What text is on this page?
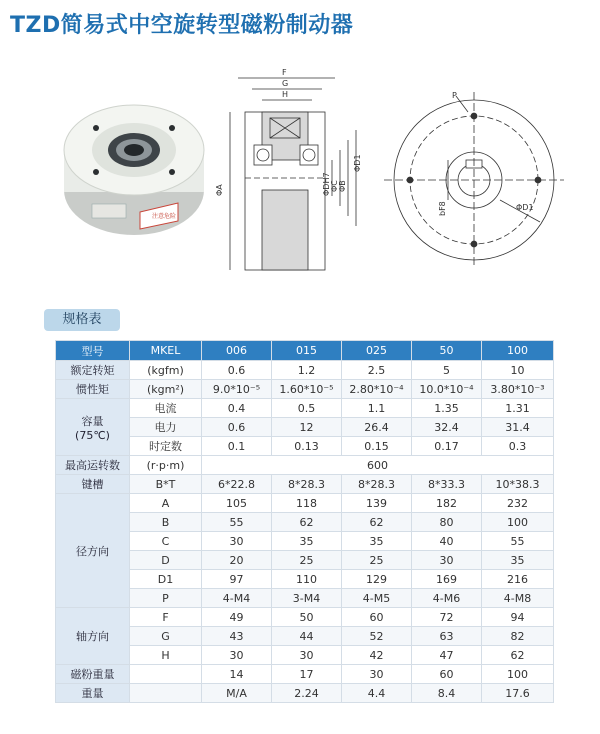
TZD简易式中空旋转型磁粉制动器
注意危险
F
G
H
ΦA	ΦDH7 ΦC ΦB
ΦD1
P
bF8	ΦD1
规格表
型号	MKEL	006	015	025	50	100
额定转矩	(kgfm)	0.6	1.2	2.5	5	10
惯性矩	(kgm²)	9.0*10⁻⁵	1.60*10⁻⁵	2.80*10⁻⁴	10.0*10⁻⁴	3.80*10⁻³

容量
(75℃)	电流	0.4	0.5	1.1	1.35	1.31
	电力	0.6	12	26.4	32.4	31.4
	时定数	0.1	0.13	0.15	0.17	0.3
最高运转数	(r·p·m)	600				
键槽	B*T	6*22.8	8*28.3	8*28.3	8*33.3	10*38.3
径方向	A	105	118	139	182	232
	B	55	62	62	80	100
	C	30	35	35	40	55
	D	20	25	25	30	35
	D1	97	110	129	169	216
	P	4-M4	3-M4	4-M5	4-M6	4-M8
轴方向	F	49	50	60	72	94
	G	43	44	52	63	82
	H	30	30	42	47	62
磁粉重量		14	17	30	60	100
重量		M/A	2.24	4.4	8.4	17.6
